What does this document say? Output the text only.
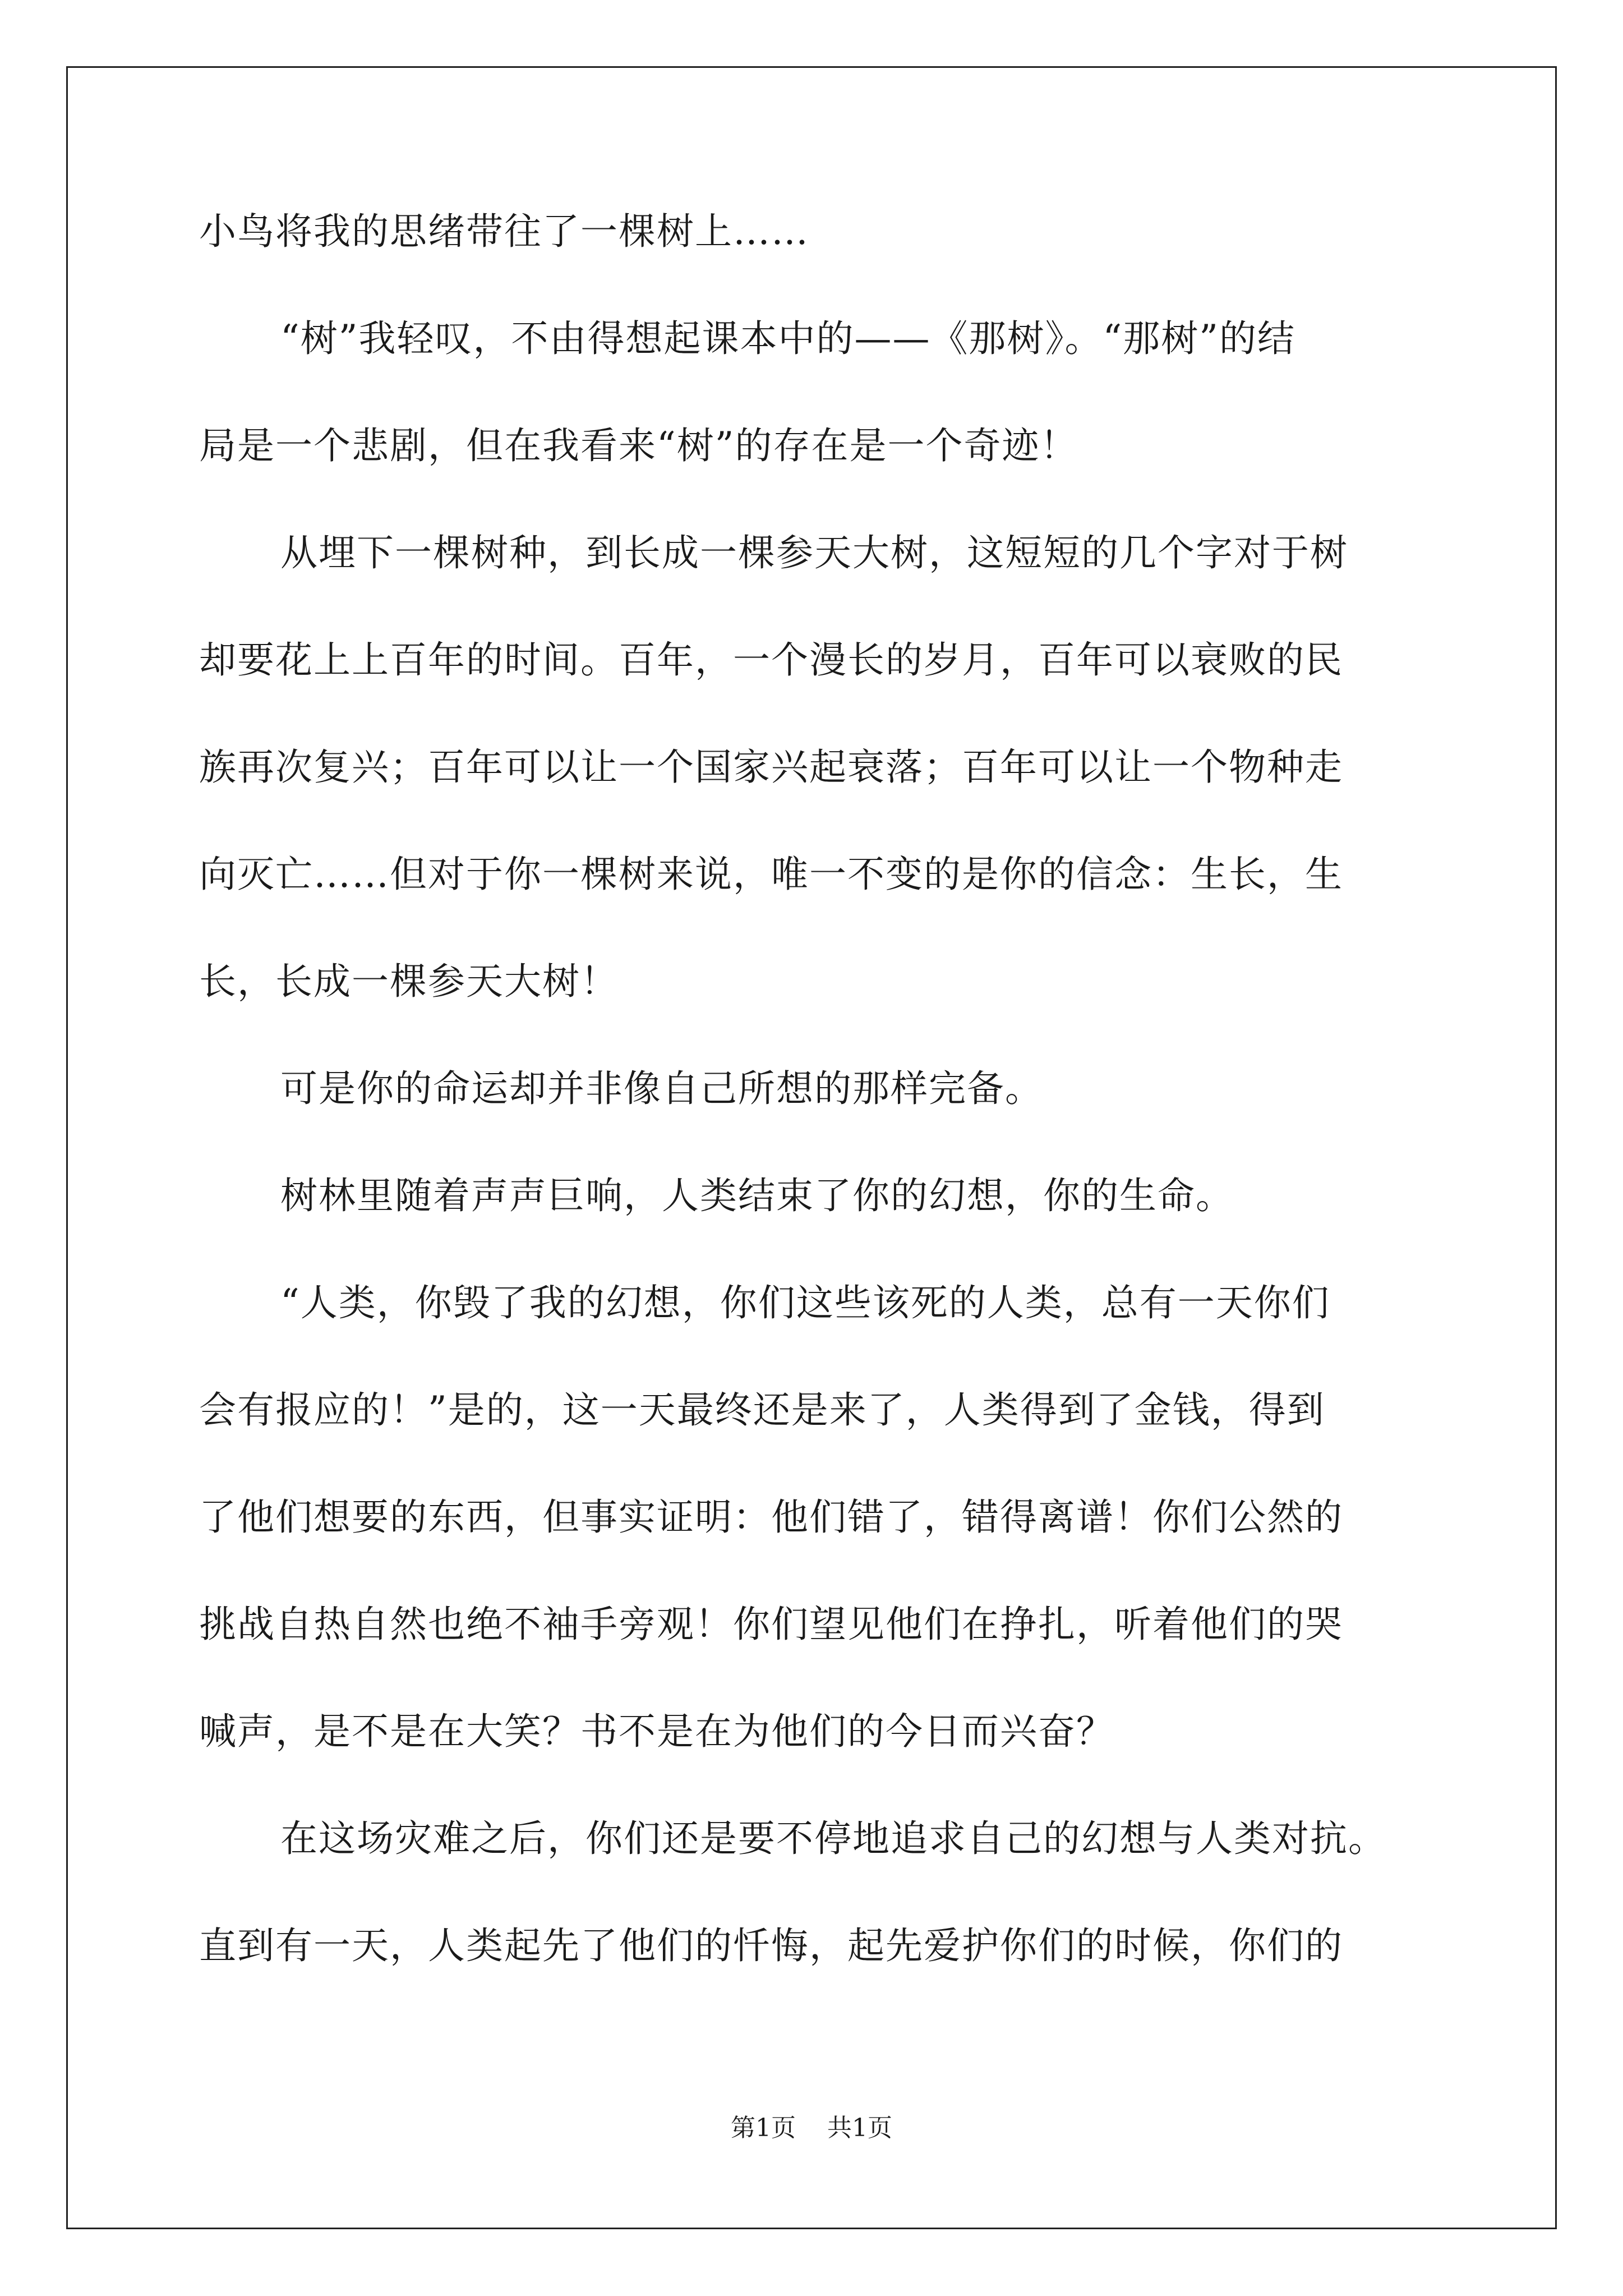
小鸟将我的思绪带往了一棵树上……
“树”我轻叹，不由得想起课本中的——《那树》。“那树”的结
局是一个悲剧，但在我看来“树”的存在是一个奇迹！
从埋下一棵树种，到长成一棵参天大树，这短短的几个字对于树
却要花上上百年的时间。百年，一个漫长的岁月，百年可以衰败的民
族再次复兴；百年可以让一个国家兴起衰落；百年可以让一个物种走
向灭亡……但对于你一棵树来说，唯一不变的是你的信念：生长，生
长，长成一棵参天大树！
可是你的命运却并非像自己所想的那样完备。
树林里随着声声巨响，人类结束了你的幻想，你的生命。
“人类，你毁了我的幻想，你们这些该死的人类，总有一天你们
会有报应的！”是的，这一天最终还是来了，人类得到了金钱，得到
了他们想要的东西，但事实证明：他们错了，错得离谱！你们公然的
挑战自热自然也绝不袖手旁观！你们望见他们在挣扎，听着他们的哭
喊声，是不是在大笑？书不是在为他们的今日而兴奋？
在这场灾难之后，你们还是要不停地追求自己的幻想与人类对抗。
直到有一天，人类起先了他们的忏悔，起先爱护你们的时候，你们的
第1页 共1页
